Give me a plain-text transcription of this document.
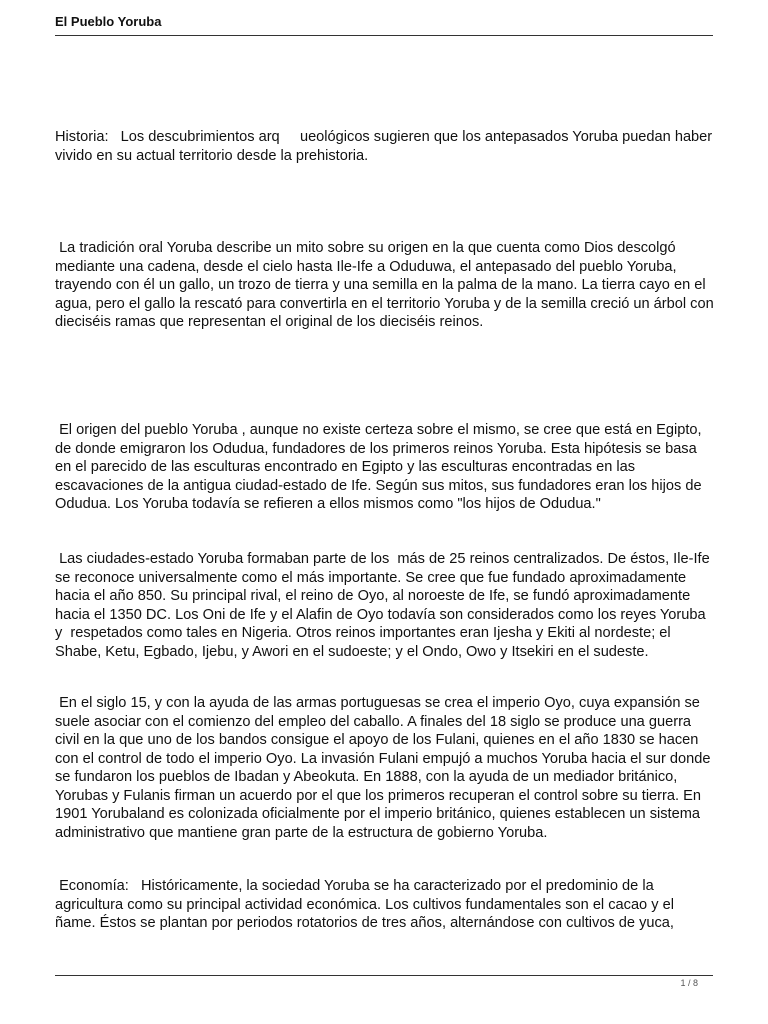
El Pueblo Yoruba

Historia:   Los descubrimientos arq     ueológicos sugieren que los antepasados Yoruba puedan haber vivido en su actual territorio desde la prehistoria.

La tradición oral Yoruba describe un mito sobre su origen en la que cuenta como Dios descolgó  mediante una cadena, desde el cielo hasta Ile-Ife a Oduduwa, el antepasado del pueblo Yoruba, trayendo con él un gallo, un trozo de tierra y una semilla en la palma de la mano. La tierra cayo en el agua, pero el gallo la rescató para convertirla en el territorio Yoruba y de la semilla creció un árbol con dieciséis ramas que representan el original de los dieciséis reinos.

El origen del pueblo Yoruba , aunque no existe certeza sobre el mismo, se cree que está en Egipto, de donde emigraron los Odudua, fundadores de los primeros reinos Yoruba. Esta hipótesis se basa en el parecido de las esculturas encontrado en Egipto y las esculturas encontradas en las escavaciones de la antigua ciudad-estado de Ife. Según sus mitos, sus fundadores eran los hijos de Odudua. Los Yoruba todavía se refieren a ellos mismos como "los hijos de Odudua."

Las ciudades-estado Yoruba formaban parte de los  más de 25 reinos centralizados. De éstos, Ile-Ife se reconoce universalmente como el más importante. Se cree que fue fundado aproximadamente hacia el año 850. Su principal rival, el reino de Oyo, al noroeste de Ife, se fundó aproximadamente hacia el 1350 DC. Los Oni de Ife y el Alafin de Oyo todavía son considerados como los reyes Yoruba y  respetados como tales en Nigeria. Otros reinos importantes eran Ijesha y Ekiti al nordeste; el Shabe, Ketu, Egbado, Ijebu, y Awori en el sudoeste; y el Ondo, Owo y Itsekiri en el sudeste.

En el siglo 15, y con la ayuda de las armas portuguesas se crea el imperio Oyo, cuya expansión se suele asociar con el comienzo del empleo del caballo. A finales del 18 siglo se produce una guerra civil en la que uno de los bandos consigue el apoyo de los Fulani, quienes en el año 1830 se hacen con el control de todo el imperio Oyo. La invasión Fulani empujó a muchos Yoruba hacia el sur donde se fundaron los pueblos de Ibadan y Abeokuta. En 1888, con la ayuda de un mediador británico, Yorubas y Fulanis firman un acuerdo por el que los primeros recuperan el control sobre su tierra. En 1901 Yorubaland es colonizada oficialmente por el imperio británico, quienes establecen un sistema administrativo que mantiene gran parte de la estructura de gobierno Yoruba.

Economía:   Históricamente, la sociedad Yoruba se ha caracterizado por el predominio de la agricultura como su principal actividad económica. Los cultivos fundamentales son el cacao y el ñame. Éstos se plantan por periodos rotatorios de tres años, alternándose con cultivos de yuca,

1 / 8
